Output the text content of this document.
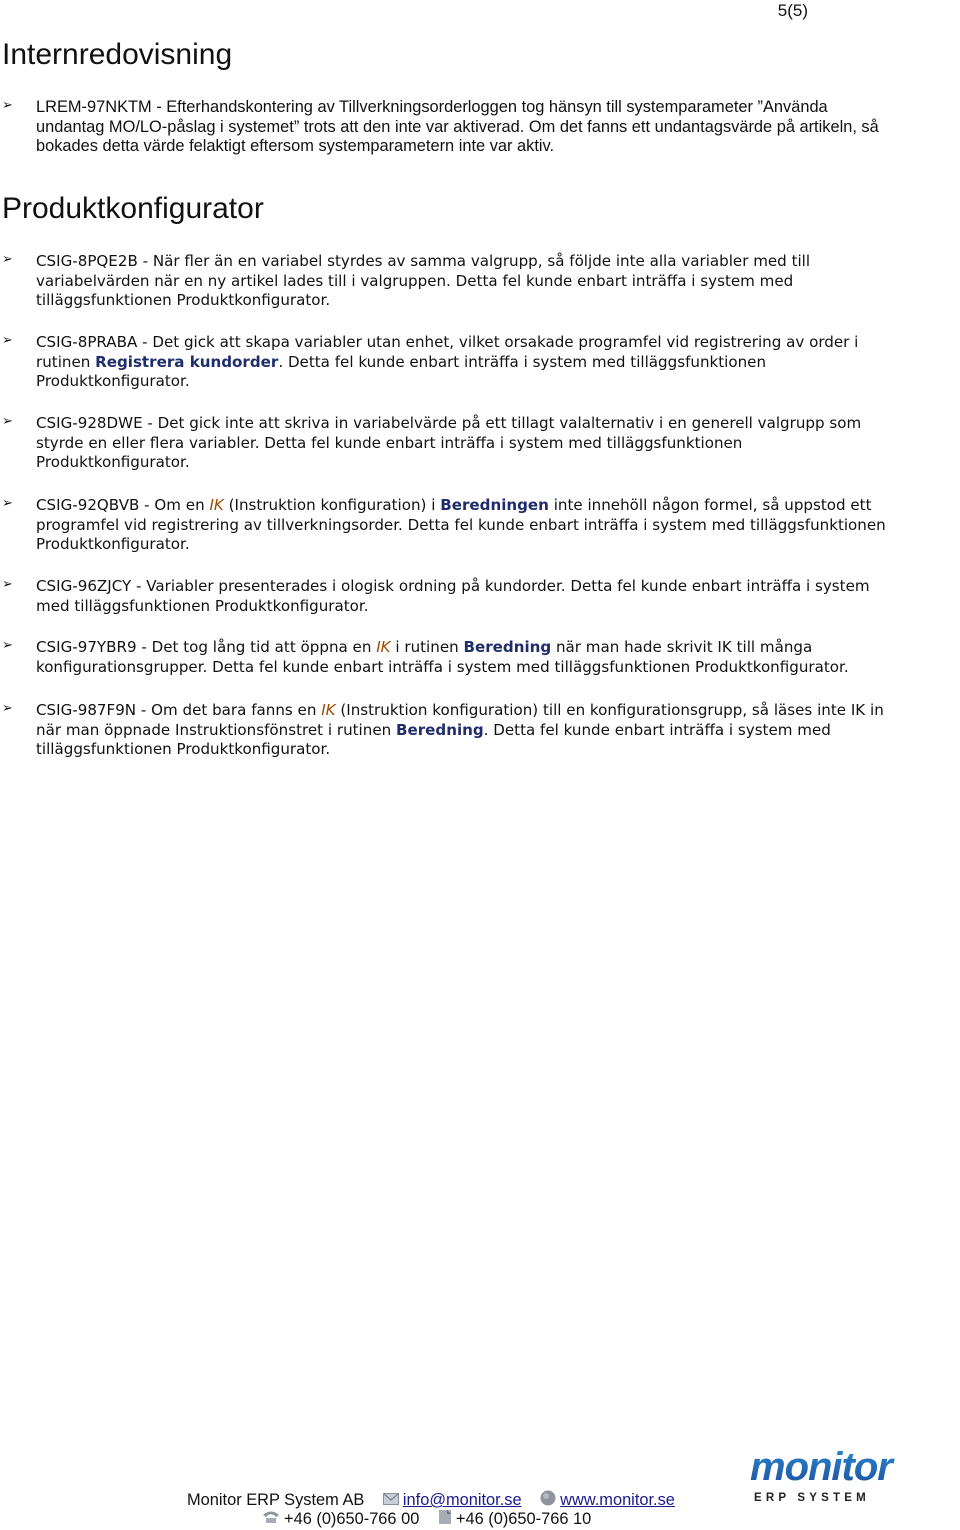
5(5)
Internredovisning
➢ LREM-97NKTM - Efterhandskontering av Tillverkningsorderloggen tog hänsyn till systemparameter ”Använda undantag MO/LO-påslag i systemet” trots att den inte var aktiverad. Om det fanns ett undantagsvärde på artikeln, så bokades detta värde felaktigt eftersom systemparametern inte var aktiv.
Produktkonfigurator
➢ CSIG-8PQE2B - När fler än en variabel styrdes av samma valgrupp, så följde inte alla variabler med till variabelvärden när en ny artikel lades till i valgruppen. Detta fel kunde enbart inträffa i system med tilläggsfunktionen Produktkonfigurator.
➢ CSIG-8PRABA - Det gick att skapa variabler utan enhet, vilket orsakade programfel vid registrering av order i rutinen Registrera kundorder. Detta fel kunde enbart inträffa i system med tilläggsfunktionen Produktkonfigurator.
➢ CSIG-928DWE - Det gick inte att skriva in variabelvärde på ett tillagt valalternativ i en generell valgrupp som styrde en eller flera variabler. Detta fel kunde enbart inträffa i system med tilläggsfunktionen Produktkonfigurator.
➢ CSIG-92QBVB - Om en IK (Instruktion konfiguration) i Beredningen inte innehöll någon formel, så uppstod ett programfel vid registrering av tillverkningsorder. Detta fel kunde enbart inträffa i system med tilläggsfunktionen Produktkonfigurator.
➢ CSIG-96ZJCY - Variabler presenterades i ologisk ordning på kundorder. Detta fel kunde enbart inträffa i system med tilläggsfunktionen Produktkonfigurator.
➢ CSIG-97YBR9 - Det tog lång tid att öppna en IK i rutinen Beredning när man hade skrivit IK till många konfigurationsgrupper. Detta fel kunde enbart inträffa i system med tilläggsfunktionen Produktkonfigurator.
➢ CSIG-987F9N - Om det bara fanns en IK (Instruktion konfiguration) till en konfigurationsgrupp, så läses inte IK in när man öppnade Instruktionsfönstret i rutinen Beredning. Detta fel kunde enbart inträffa i system med tilläggsfunktionen Produktkonfigurator.
monitor
ERP SYSTEM
Monitor ERP System AB info@monitor.se www.monitor.se
+46 (0)650-766 00 +46 (0)650-766 10
